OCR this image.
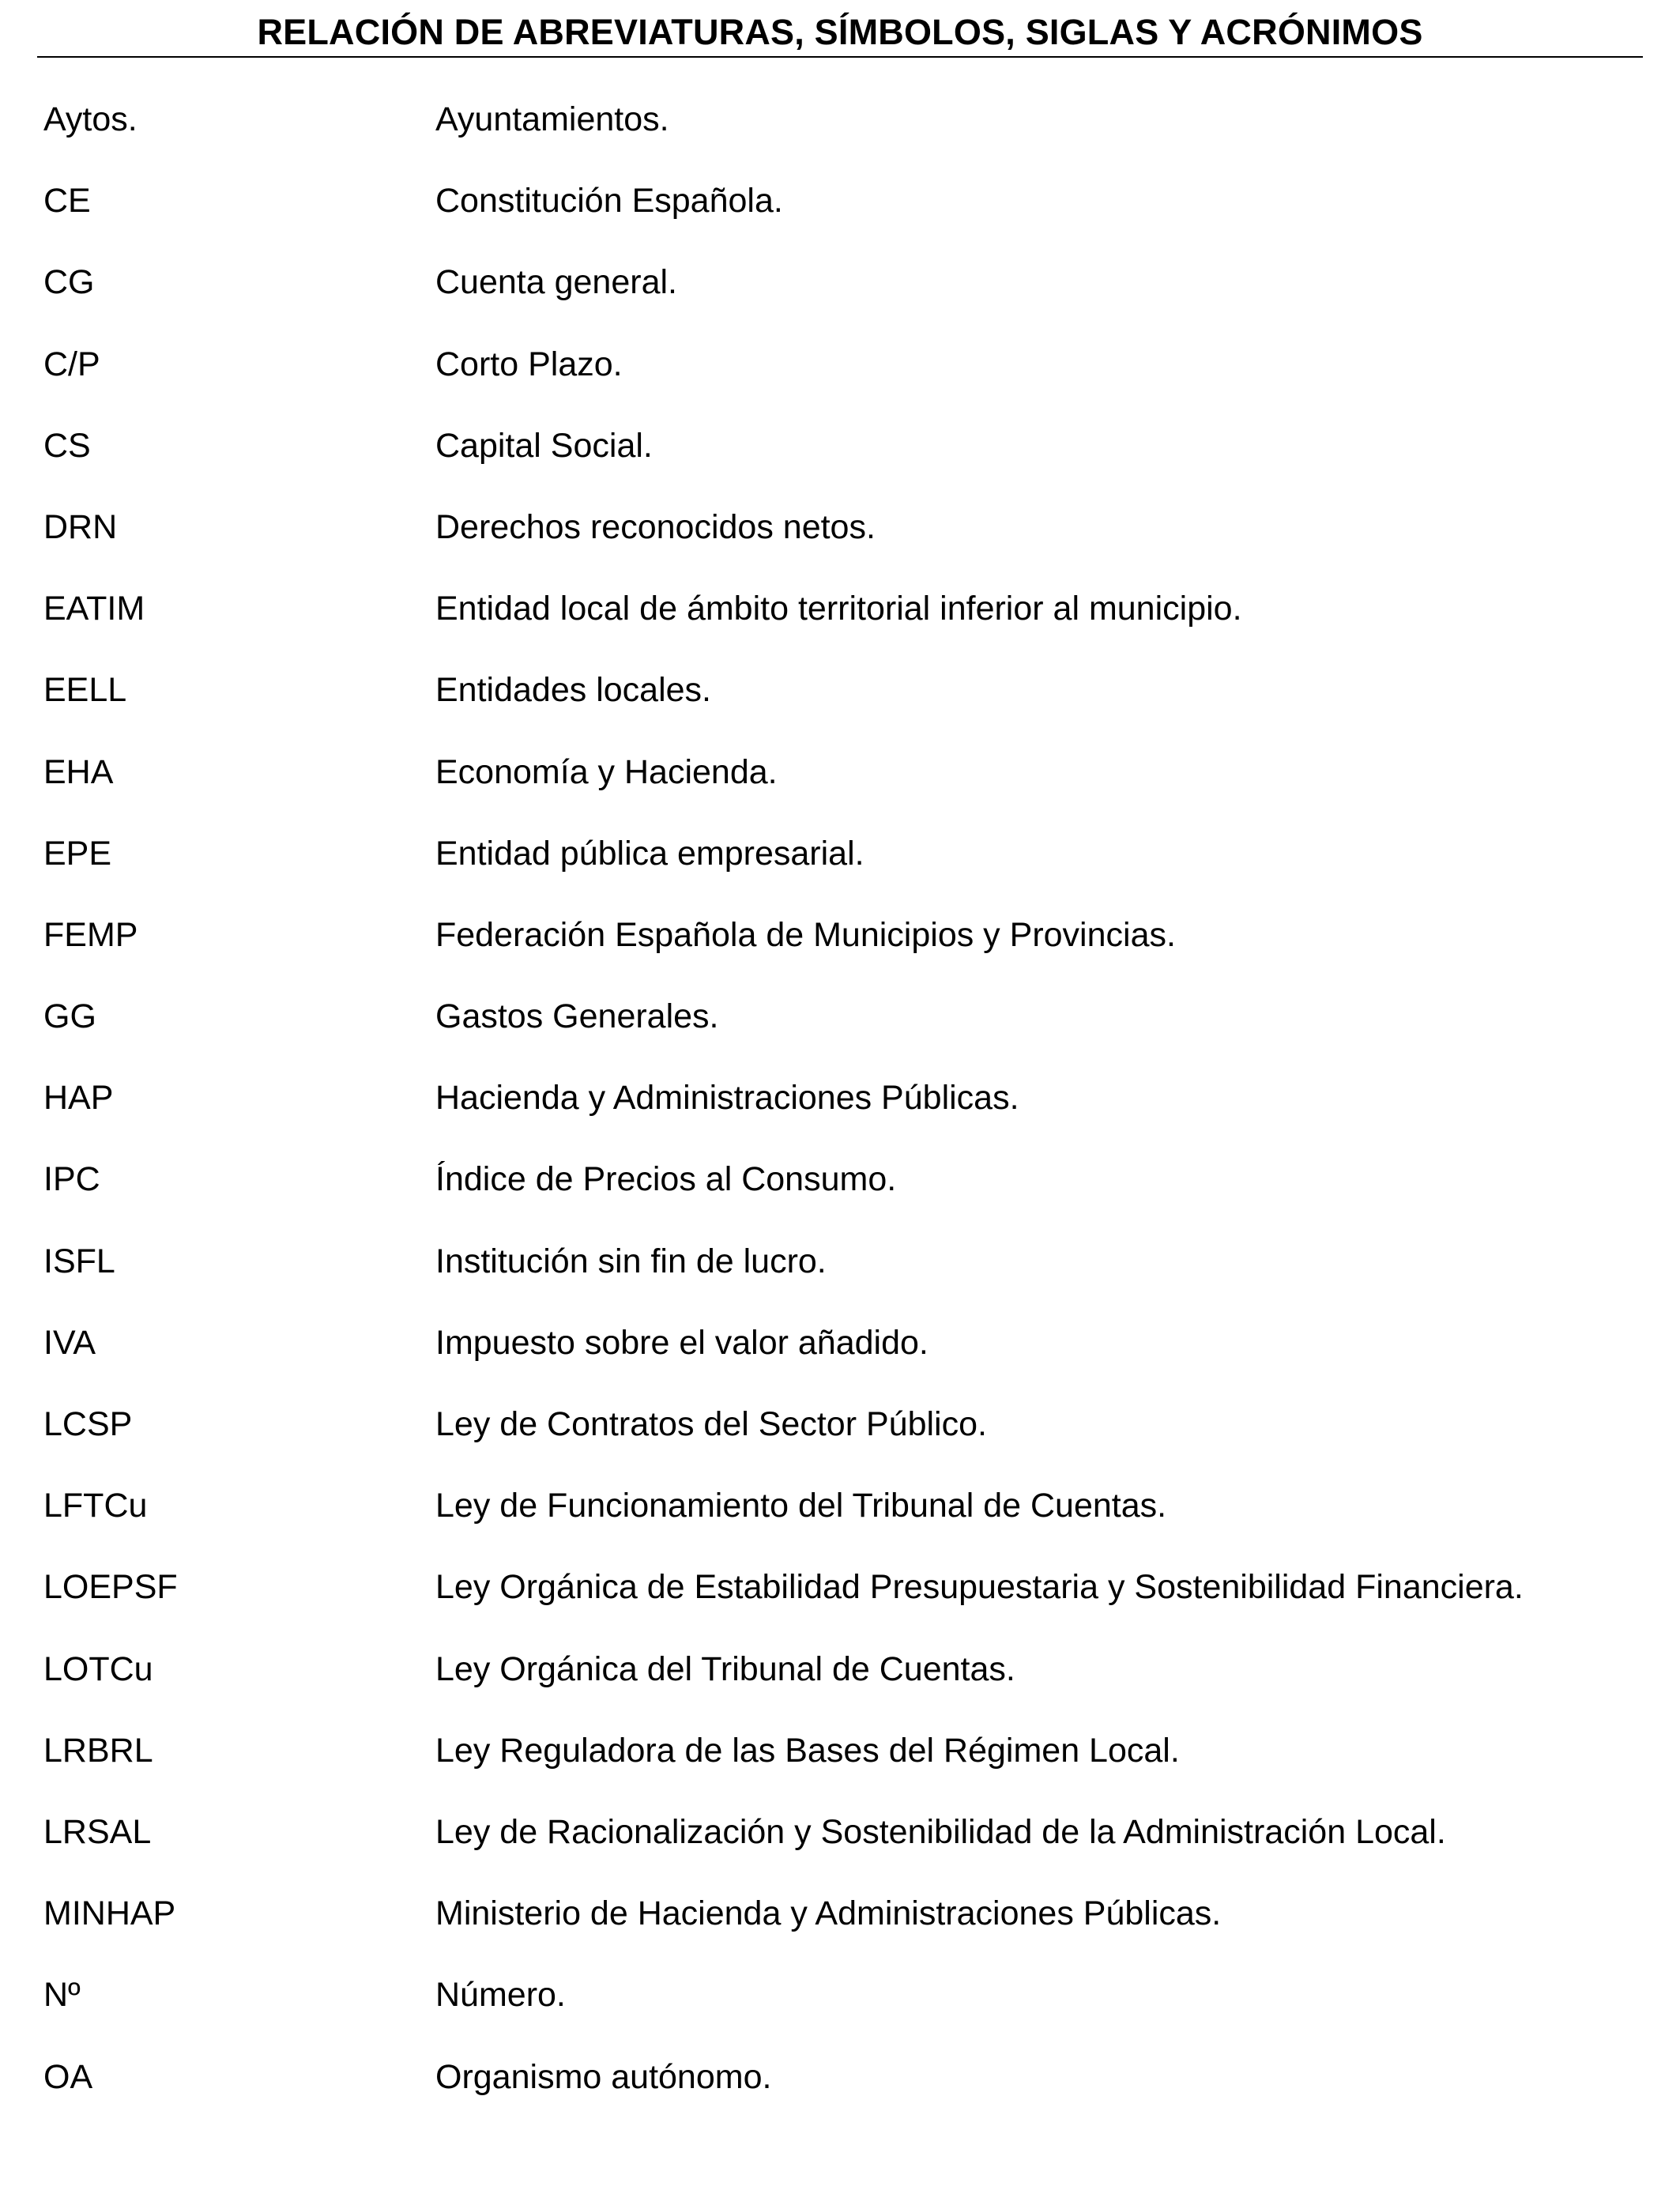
RELACIÓN DE ABREVIATURAS, SÍMBOLOS, SIGLAS Y ACRÓNIMOS
Aytos.	Ayuntamientos.
CE	Constitución Española.
CG	Cuenta general.
C/P	Corto Plazo.
CS	Capital Social.
DRN	Derechos reconocidos netos.
EATIM	Entidad local de ámbito territorial inferior al municipio.
EELL	Entidades locales.
EHA	Economía y Hacienda.
EPE	Entidad pública empresarial.
FEMP	Federación Española de Municipios y Provincias.
GG	Gastos Generales.
HAP	Hacienda y Administraciones Públicas.
IPC	Índice de Precios al Consumo.
ISFL	Institución sin fin de lucro.
IVA	Impuesto sobre el valor añadido.
LCSP	Ley de Contratos del Sector Público.
LFTCu	Ley de Funcionamiento del Tribunal de Cuentas.
LOEPSF	Ley Orgánica de Estabilidad Presupuestaria y Sostenibilidad Financiera.
LOTCu	Ley Orgánica del Tribunal de Cuentas.
LRBRL	Ley Reguladora de las Bases del Régimen Local.
LRSAL	Ley de Racionalización y Sostenibilidad de la Administración Local.
MINHAP	Ministerio de Hacienda y Administraciones Públicas.
Nº	Número.
OA	Organismo autónomo.
